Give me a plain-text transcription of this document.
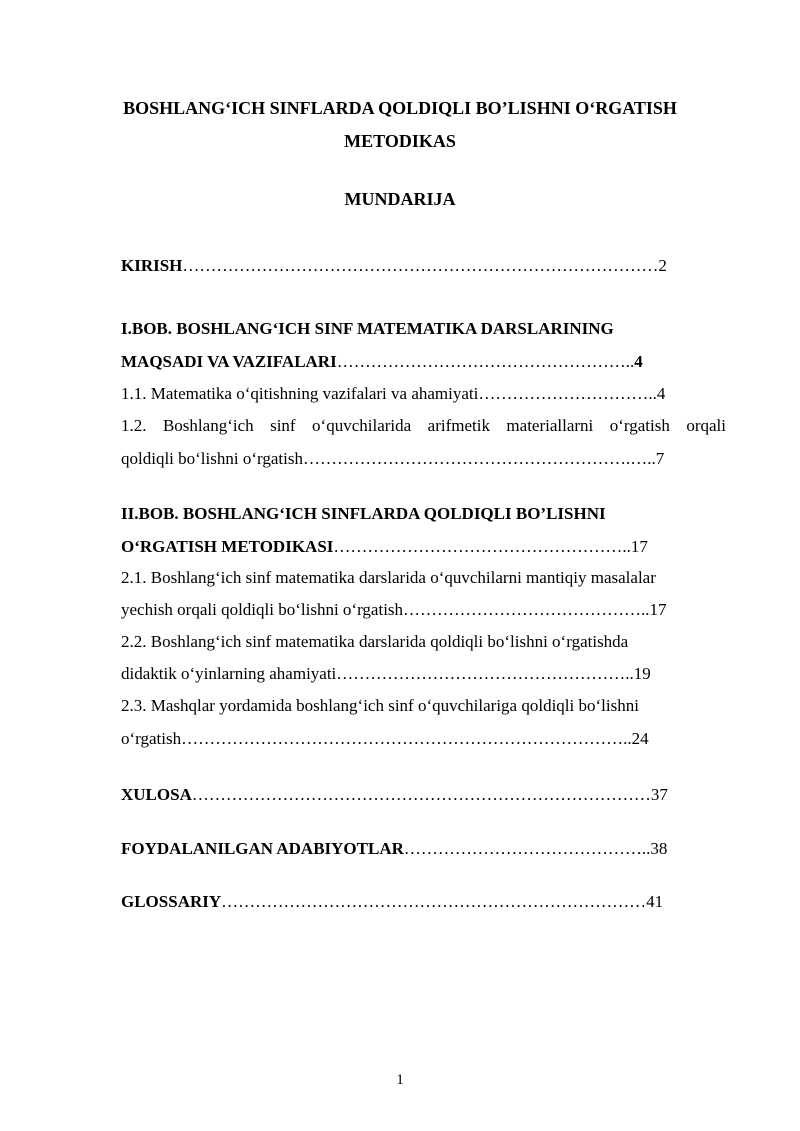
BOSHLANG‘ICH SINFLARDA QOLDIQLI BO’LISHNI O‘RGATISH
METODIKAS
MUNDARIJA
KIRISH…………………………………………………………………………2
I.BOB. BOSHLANG‘ICH SINF MATEMATIKA DARSLARINING
MAQSADI VA VAZIFALARI……………………………………………..4
1.1. Matematika o‘qitishning vazifalari va ahamiyati…………………………..4
1.2. Boshlang‘ich sinf o‘quvchilarida arifmetik materiallarni o‘rgatish orqali
qoldiqli bo‘lishni o‘rgatish………………………………………………….…..7
II.BOB. BOSHLANG‘ICH SINFLARDA QOLDIQLI BO’LISHNI
O‘RGATISH METODIKASI……………………………………………..17
2.1. Boshlang‘ich sinf matematika darslarida o‘quvchilarni mantiqiy masalalar
yechish orqali qoldiqli bo‘lishni o‘rgatish……………………………………..17
2.2. Boshlang‘ich sinf matematika darslarida qoldiqli bo‘lishni o‘rgatishda
didaktik o‘yinlarning ahamiyati……………………………………………..19
2.3. Mashqlar yordamida boshlang‘ich sinf o‘quvchilariga qoldiqli bo‘lishni
o‘rgatish……………………………………………………………………..24
XULOSA………………………………………………………………………37
FOYDALANILGAN ADABIYOTLAR……………………………………..38
GLOSSARIY…………………………………………………………………41
1
